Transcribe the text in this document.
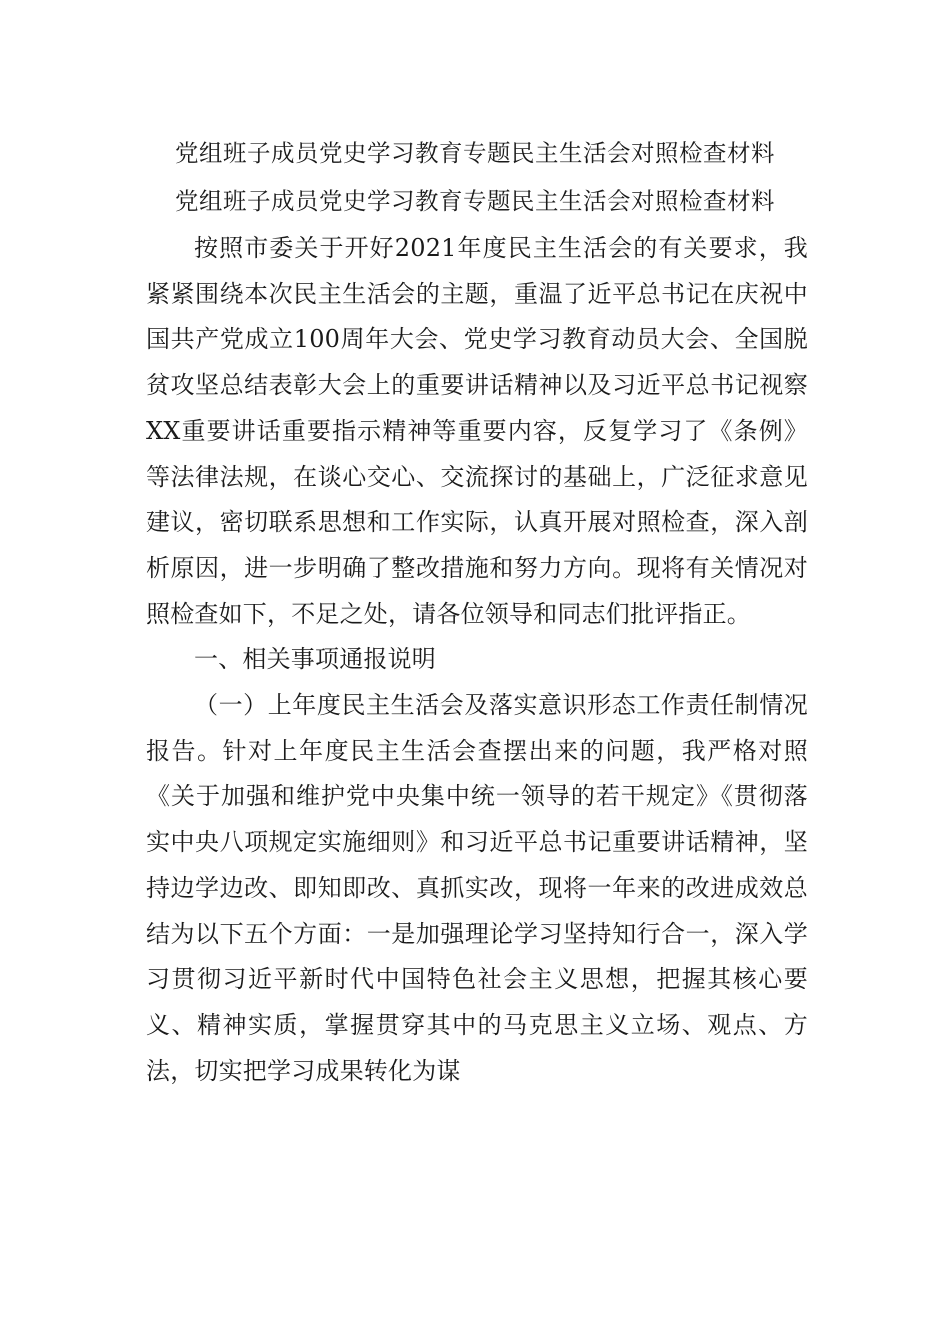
党组班子成员党史学习教育专题民主生活会对照检查材料
党组班子成员党史学习教育专题民主生活会对照检查材料

按照市委关于开好2021年度民主生活会的有关要求，我紧紧围绕本次民主生活会的主题，重温了近平总书记在庆祝中国共产党成立100周年大会、党史学习教育动员大会、全国脱贫攻坚总结表彰大会上的重要讲话精神以及习近平总书记视察XX重要讲话重要指示精神等重要内容，反复学习了《条例》等法律法规，在谈心交心、交流探讨的基础上，广泛征求意见建议，密切联系思想和工作实际，认真开展对照检查，深入剖析原因，进一步明确了整改措施和努力方向。现将有关情况对照检查如下，不足之处，请各位领导和同志们批评指正。

一、相关事项通报说明

（一）上年度民主生活会及落实意识形态工作责任制情况报告。针对上年度民主生活会查摆出来的问题，我严格对照《关于加强和维护党中央集中统一领导的若干规定》《贯彻落实中央八项规定实施细则》和习近平总书记重要讲话精神，坚持边学边改、即知即改、真抓实改，现将一年来的改进成效总结为以下五个方面：一是加强理论学习坚持知行合一，深入学习贯彻习近平新时代中国特色社会主义思想，把握其核心要义、精神实质，掌握贯穿其中的马克思主义立场、观点、方法，切实把学习成果转化为谋
